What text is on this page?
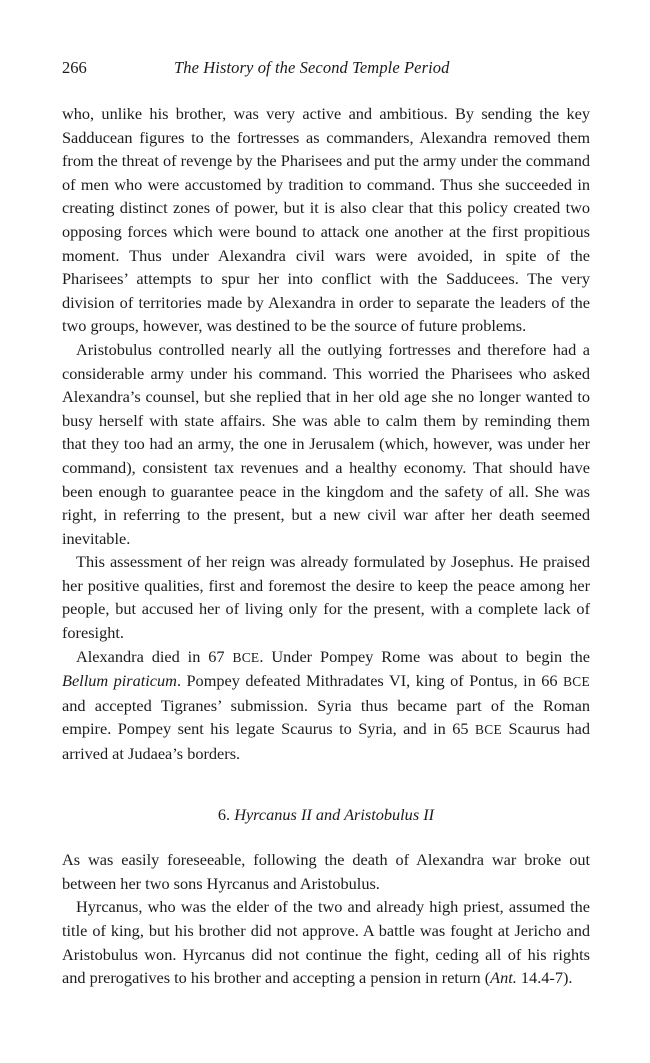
266	The History of the Second Temple Period

who, unlike his brother, was very active and ambitious. By sending the key Sadducean figures to the fortresses as commanders, Alexandra removed them from the threat of revenge by the Pharisees and put the army under the command of men who were accustomed by tradition to command. Thus she succeeded in creating distinct zones of power, but it is also clear that this policy created two opposing forces which were bound to attack one another at the first propitious moment. Thus under Alexandra civil wars were avoided, in spite of the Pharisees’ attempts to spur her into conflict with the Sadducees. The very division of territories made by Alexandra in order to separate the leaders of the two groups, however, was destined to be the source of future problems.

Aristobulus controlled nearly all the outlying fortresses and therefore had a considerable army under his command. This worried the Pharisees who asked Alexandra’s counsel, but she replied that in her old age she no longer wanted to busy herself with state affairs. She was able to calm them by reminding them that they too had an army, the one in Jerusalem (which, however, was under her command), consistent tax revenues and a healthy economy. That should have been enough to guarantee peace in the kingdom and the safety of all. She was right, in referring to the present, but a new civil war after her death seemed inevitable.

This assessment of her reign was already formulated by Josephus. He praised her positive qualities, first and foremost the desire to keep the peace among her people, but accused her of living only for the present, with a complete lack of foresight.

Alexandra died in 67 BCE. Under Pompey Rome was about to begin the Bellum piraticum. Pompey defeated Mithradates VI, king of Pontus, in 66 BCE and accepted Tigranes’ submission. Syria thus became part of the Roman empire. Pompey sent his legate Scaurus to Syria, and in 65 BCE Scaurus had arrived at Judaea’s borders.

6. Hyrcanus II and Aristobulus II

As was easily foreseeable, following the death of Alexandra war broke out between her two sons Hyrcanus and Aristobulus.

Hyrcanus, who was the elder of the two and already high priest, assumed the title of king, but his brother did not approve. A battle was fought at Jericho and Aristobulus won. Hyrcanus did not continue the fight, ceding all of his rights and prerogatives to his brother and accepting a pension in return (Ant. 14.4-7).
